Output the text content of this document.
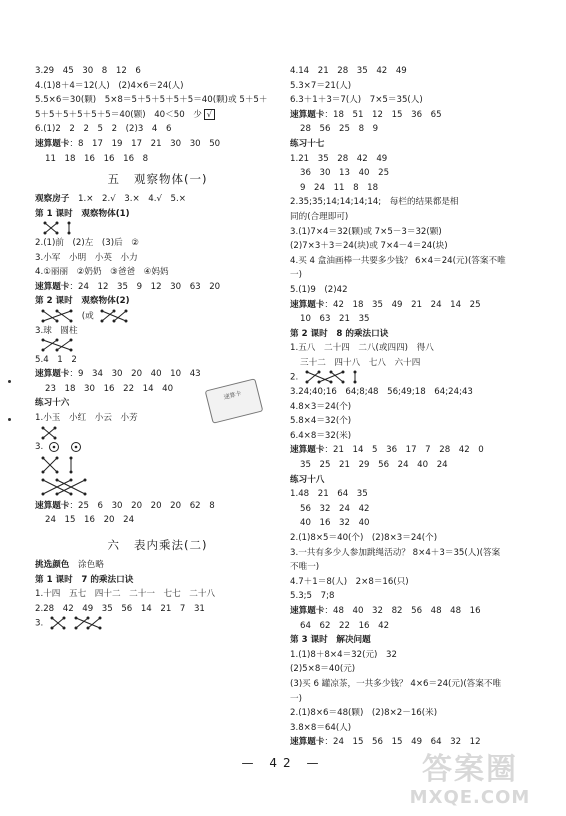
3.29　45　30　8　12　6
4.(1)8＋4＝12(人)　(2)4×6＝24(人)
5.5×6＝30(颗)　5×8＝5＋5＋5＋5＋5＝40(颗)或 5＋5＋
5＋5＋5＋5＋5＋5＝40(颗)　40＜50　少 √
6.(1)2　2　2　5　2　(2)3　4　6
速算题卡：8　17　19　17　21　30　30　50
11　18　16　16　16　8
五 观察物体(一)
观察房子　 1.×　2.√　3.×　4.√　5.×
第 1 课时　 观察物体(1)
2.(1)前　(2)左　(3)后　②
3.小军　小明　小英　小力
4.①丽丽　②奶奶　③爸爸　④妈妈
速算题卡：24　12　35　9　12　30　63　20
第 2 课时　 观察物体(2)
(或
3.球　圆柱
5.4　1　2
速算题卡：9　34　30　20　40　10　43
23　18　30　16　22　14　40
练习十六
1.小玉　小红　小云　小芳
3.
速算题卡：25　6　30　20　20　20　62　8
24　15　16　20　24
六 表内乘法(二)
挑选颜色　 涂色略
第 1 课时　 7 的乘法口诀
1.十四　五七　四十二　二十一　七七　二十八
2.28　42　49　35　56　14　21　7　31
3.
4.14　21　28　35　42　49
5.3×7＝21(人)
6.3＋1＋3＝7(人)　7×5＝35(人)
速算题卡：18　51　12　15　36　65
28　56　25　8　9
练习十七
1.21　35　28　42　49
36　30　13　40　25
9　24　11　8　18
2.35;35;14;14;14;14;　每栏的结果都是相
同的(合理即可)
3.(1)7×4＝32(颗)或 7×5－3＝32(颗)
(2)7×3＋3＝24(块)或 7×4－4＝24(块)
4.买 4 盒油画棒一共要多少钱？ 6×4＝24(元)(答案不唯
一)
5.(1)9　(2)42
速算题卡：42　18　35　49　21　24　14　25
10　63　21　35
第 2 课时　 8 的乘法口诀
1.五八　二十四　二八(或四四)　得八
三十二　四十八　七八　六十四
2.
3.24;40;16　64;8;48　56;49;18　64;24;43
4.8×3＝24(个)
5.8×4＝32(个)
6.4×8＝32(米)
速算题卡：21　14　5　36　17　7　28　42　0
35　25　21　29　56　24　40　24
练习十八
1.48　21　64　35
56　32　24　42
40　16　32　40
2.(1)8×5＝40(个)　(2)8×3＝24(个)
3.一共有多少人参加跳绳活动？ 8×4＋3＝35(人)(答案
不唯一)
4.7＋1＝8(人)　2×8＝16(只)
5.3;5　7;8
速算题卡：48　40　32　82　56　48　48　16
64　62　22　16　42
第 3 课时　 解决问题
1.(1)8＋8×4＝32(元)　32
(2)5×8＝40(元)
(3)买 6 罐凉茶，一共多少钱？ 4×6＝24(元)(答案不唯
一)
2.(1)8×6＝48(颗)　(2)8×2－16(米)
3.8×8＝64(人)
速算题卡：24　15　56　15　49　64　32　12
速算卡
— 42 —	答案圈
MXQE.COM
